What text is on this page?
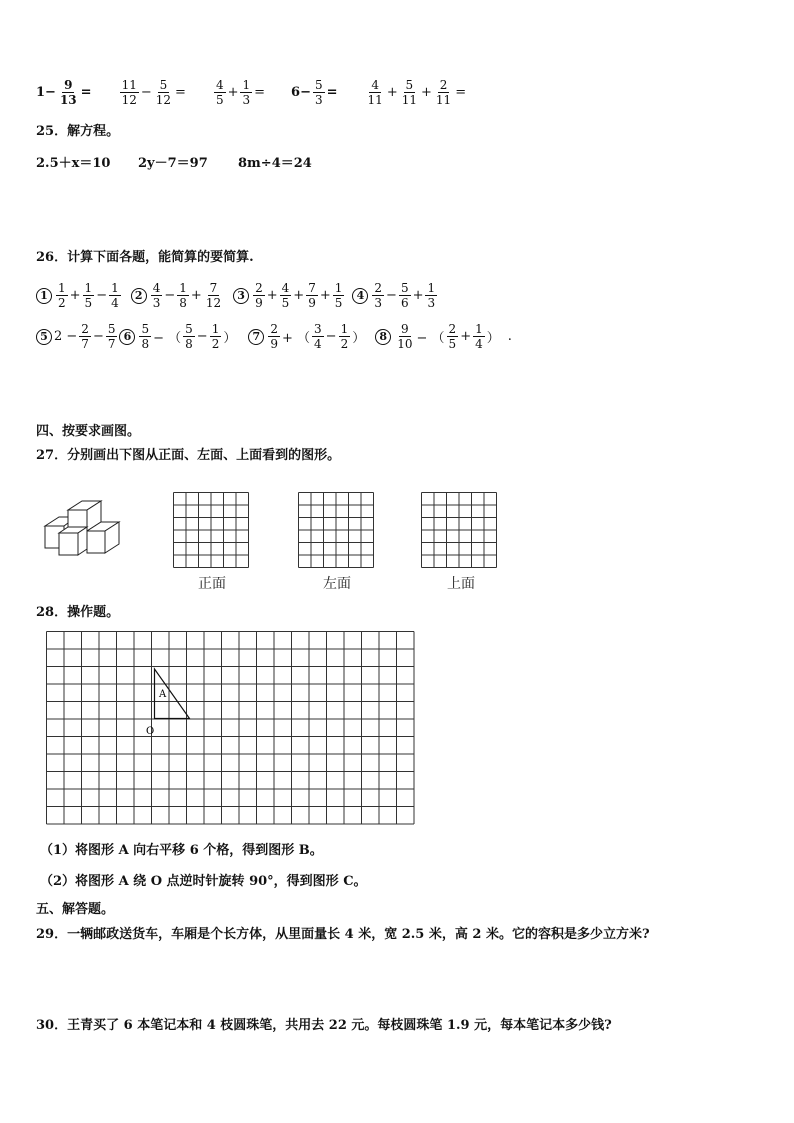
$1- \frac{9}{13} = \frac{11}{12} - \frac{5}{12} = \frac{4}{5} + \frac{1}{3} = 6- \frac{5}{3} = \frac{4}{11} + \frac{5}{11} + \frac{2}{11}$ =
25．解方程。
2.5＋x＝10 2y－7＝97 8m÷4＝24
26．计算下面各题，能简算的要简算.
$1 \frac{1}{2} + \frac{1}{5} - \frac{1}{4}$	$2 \frac{4}{3} - \frac{1}{8} + \frac{7}{12}$	$3 \frac{2}{9} + \frac{4}{5} + \frac{7}{9} + \frac{1}{5}$	$4 \frac{2}{3} - \frac{5}{6} + \frac{1}{3}$
5 $2 - \frac{2}{7} - \frac{5}{7} 6 \frac{5}{8}$ − （ $\frac{5}{8} - \frac{1}{2}$ ）	$7 \frac{2}{9}$ + （ $\frac{3}{4} - \frac{1}{2}$ ）	$8 \frac{9}{10}$ − （ $\frac{2}{5} + \frac{1}{4}$ ） .
四、按要求画图。
27．分别画出下图从正面、左面、上面看到的图形。
正面	左面	上面
28．操作题。
A
O
（1）将图形 A 向右平移 6 个格，得到图形 B。
（2）将图形 A 绕 O 点逆时针旋转 90°，得到图形 C。
五、解答题。
29．一辆邮政送货车，车厢是个长方体，从里面量长 4 米，宽 2.5 米，高 2 米。它的容积是多少立方米?
30．王青买了 6 本笔记本和 4 枝圆珠笔，共用去 22 元。每枝圆珠笔 1.9 元，每本笔记本多少钱?
